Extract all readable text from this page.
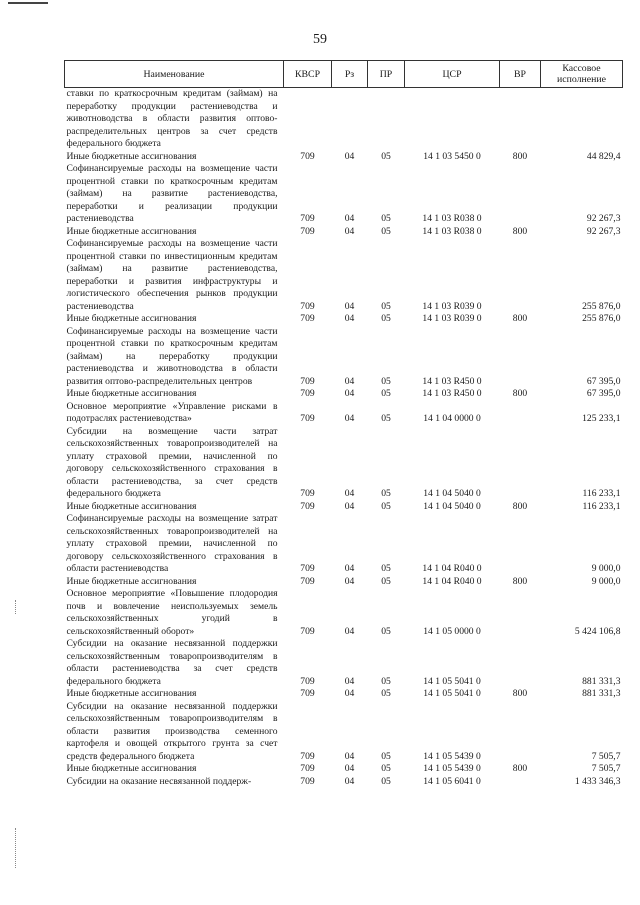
59
Наименование	КВСР	Рз	ПР	ЦСР	ВР	Кассовое исполнение
ставки по краткосрочным кредитам (займам) на переработку продукции растениеводства и животноводства в области развития оптово-распределительных центров за счет средств федерального бюджета						
Иные бюджетные ассигнования	709	04	05	14 1 03 5450 0	800	44 829,4
Софинансируемые расходы на возмещение части процентной ставки по краткосрочным кредитам (займам) на развитие растениеводства, переработки и реализации продукции растениеводства	709	04	05	14 1 03 R038 0		92 267,3
Иные бюджетные ассигнования	709	04	05	14 1 03 R038 0	800	92 267,3
Софинансируемые расходы на возмещение части процентной ставки по инвестиционным кредитам (займам) на развитие растениеводства, переработки и развития инфраструктуры и логистического обеспечения рынков продукции растениеводства	709	04	05	14 1 03 R039 0		255 876,0
Иные бюджетные ассигнования	709	04	05	14 1 03 R039 0	800	255 876,0
Софинансируемые расходы на возмещение части процентной ставки по краткосрочным кредитам (займам) на переработку продукции растениеводства и животноводства в области развития оптово-распределительных центров	709	04	05	14 1 03 R450 0		67 395,0
Иные бюджетные ассигнования	709	04	05	14 1 03 R450 0	800	67 395,0
Основное мероприятие «Управление рисками в подотраслях растениеводства»	709	04	05	14 1 04 0000 0		125 233,1
Субсидии на возмещение части затрат сельскохозяйственных товаропроизводителей на уплату страховой премии, начисленной по договору сельскохозяйственного страхования в области растениеводства, за счет средств федерального бюджета	709	04	05	14 1 04 5040 0		116 233,1
Иные бюджетные ассигнования	709	04	05	14 1 04 5040 0	800	116 233,1
Софинансируемые расходы на возмещение затрат сельскохозяйственных товаропроизводителей на уплату страховой премии, начисленной по договору сельскохозяйственного страхования в области растениеводства	709	04	05	14 1 04 R040 0		9 000,0
Иные бюджетные ассигнования	709	04	05	14 1 04 R040 0	800	9 000,0
Основное мероприятие «Повышение плодородия почв и вовлечение неиспользуемых земель сельскохозяйственных угодий в сельскохозяйственный оборот»	709	04	05	14 1 05 0000 0		5 424 106,8
Субсидии на оказание несвязанной поддержки сельскохозяйственным товаропроизводителям в области растениеводства за счет средств федерального бюджета	709	04	05	14 1 05 5041 0		881 331,3
Иные бюджетные ассигнования	709	04	05	14 1 05 5041 0	800	881 331,3
Субсидии на оказание несвязанной поддержки сельскохозяйственным товаропроизводителям в области развития производства семенного картофеля и овощей открытого грунта за счет средств федерального бюджета	709	04	05	14 1 05 5439 0		7 505,7
Иные бюджетные ассигнования	709	04	05	14 1 05 5439 0	800	7 505,7
Субсидии на оказание несвязанной поддерж-	709	04	05	14 1 05 6041 0		1 433 346,3
